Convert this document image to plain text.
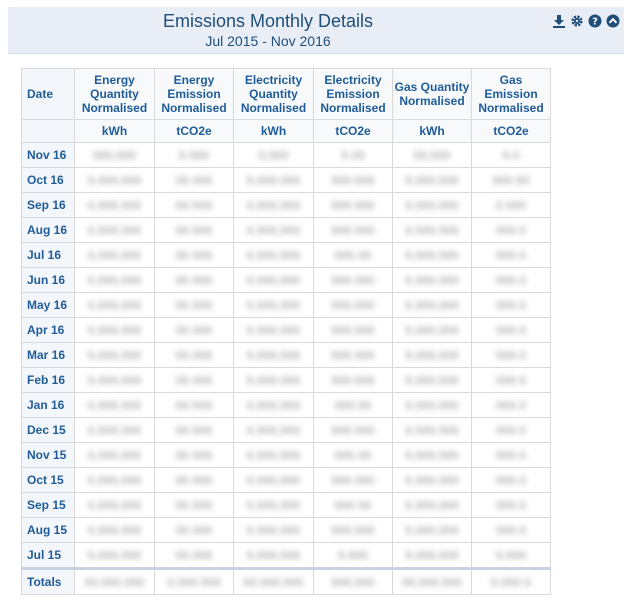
Emissions Monthly Details
Jul 2015 - Nov 2016
?
Date	Energy Quantity Normalised	Energy Emission Normalised	Electricity Quantity Normalised	Electricity Emission Normalised	Gas Quantity Normalised	Gas Emission Normalised
	kWh	tCO2e	kWh	tCO2e	kWh	tCO2e
Nov 16	999,999	9.999	9,999	9.99	99,999	9.9
Oct 16	9,999,999	99.999	9,999,999	999.999	9,999,999	999.99
Sep 16	9,999,999	99.999	9,999,999	999.999	9,999,999	9.999
Aug 16	9,999,999	99.999	9,999,999	999.999	9,999,999	999.9
Jul 16	9,999,999	99.999	9,999,999	999.99	9,999,999	999.9
Jun 16	9,999,999	99.999	9,999,999	999.999	9,999,999	999.9
May 16	9,999,999	99.999	9,999,999	999.999	9,999,999	999.9
Apr 16	9,999,999	99.999	9,999,999	999.999	9,999,999	999.9
Mar 16	9,999,999	99.999	9,999,999	999.999	9,999,999	999.9
Feb 16	9,999,999	99.999	9,999,999	999.999	9,999,999	999.9
Jan 16	9,999,999	99.999	9,999,999	999.99	9,999,999	999.9
Dec 15	9,999,999	99.999	9,999,999	999.999	9,999,999	999.9
Nov 15	9,999,999	99.999	9,999,999	999.99	9,999,999	999.9
Oct 15	9,999,999	99.999	9,999,999	999.999	9,999,999	999.9
Sep 15	9,999,999	99.999	9,999,999	999.99	9,999,999	999.9
Aug 15	9,999,999	99.999	9,999,999	999.999	9,999,999	999.9
Jul 15	9,999,999	99.999	9,999,999	9.999	9,999,999	9.999
Totals	99,999,999	9,999.999	99,999,999	999,999	99,999,999	9,999.9
